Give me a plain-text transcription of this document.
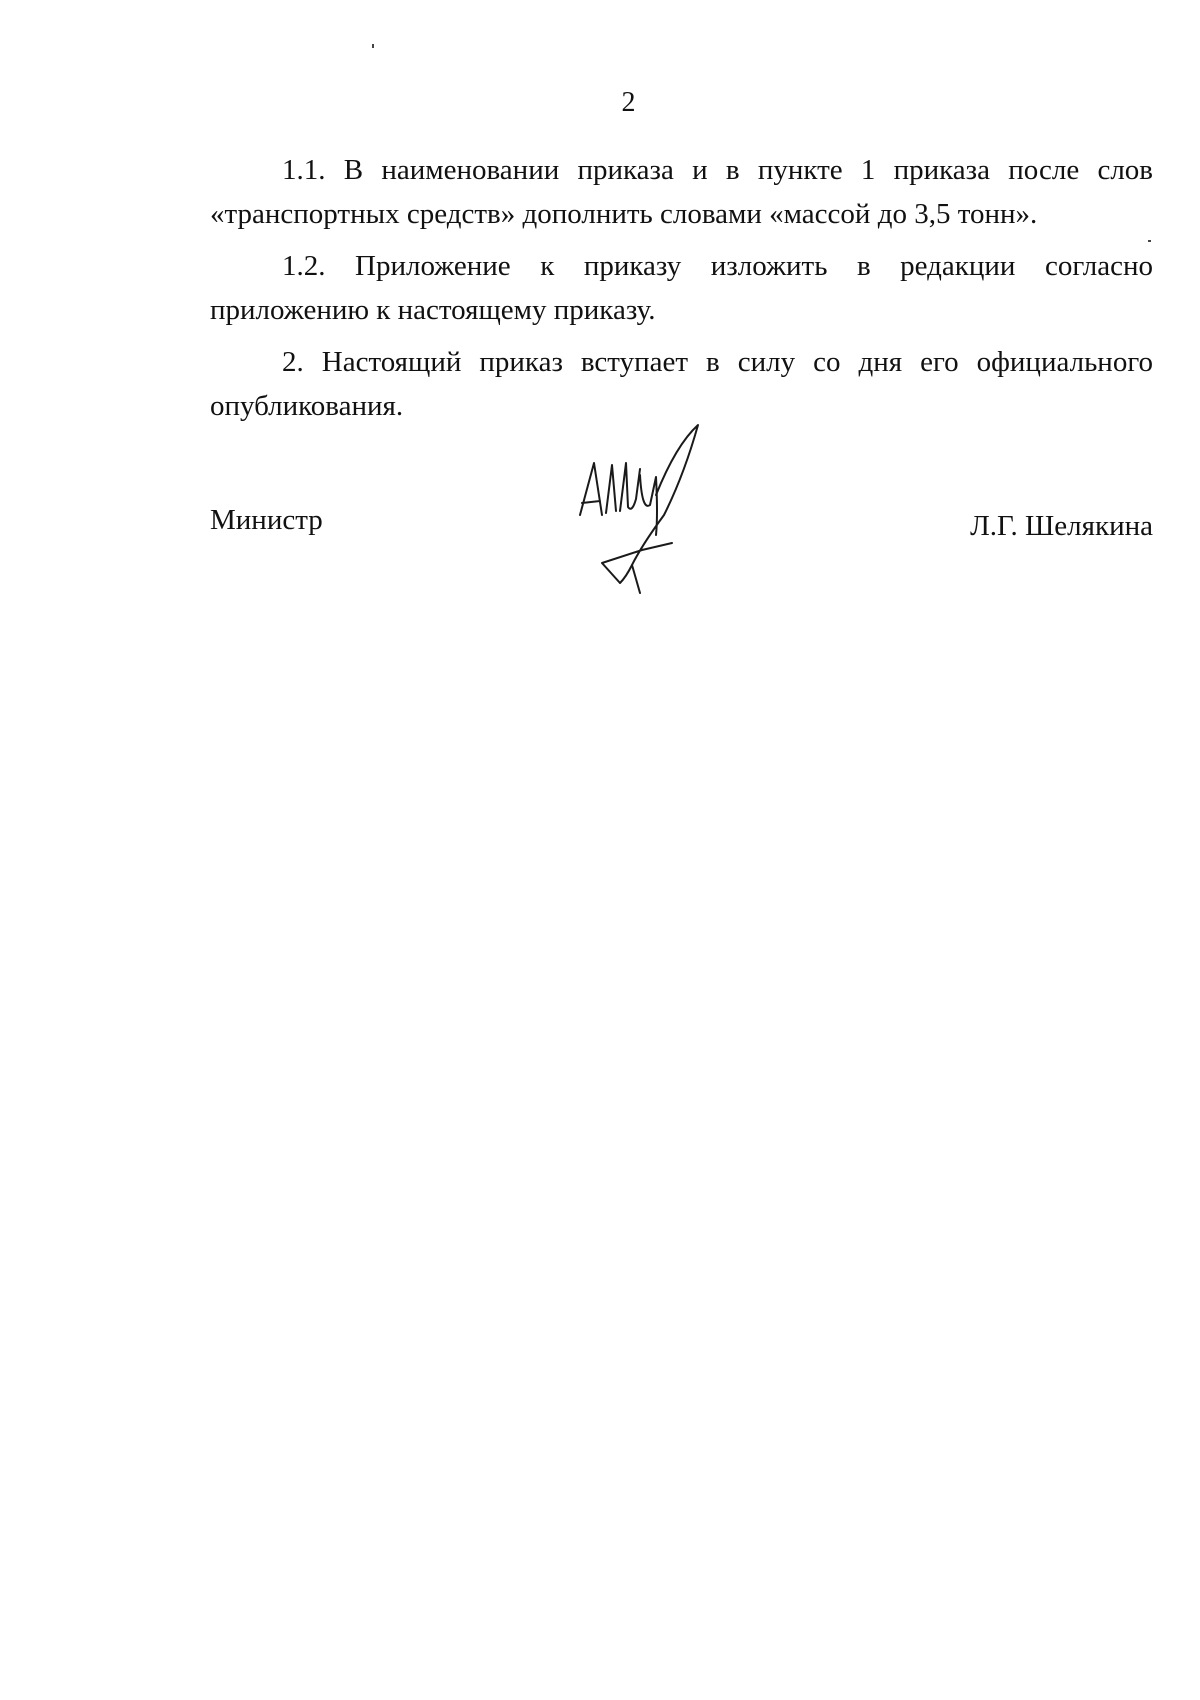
2

1.1. В наименовании приказа и в пункте 1 приказа после слов «транспортных средств» дополнить словами «массой до 3,5 тонн».

1.2. Приложение к приказу изложить в редакции согласно приложению к настоящему приказу.

2. Настоящий приказ вступает в силу со дня его официального опубликования.

Министр	Л.Г. Шелякина
